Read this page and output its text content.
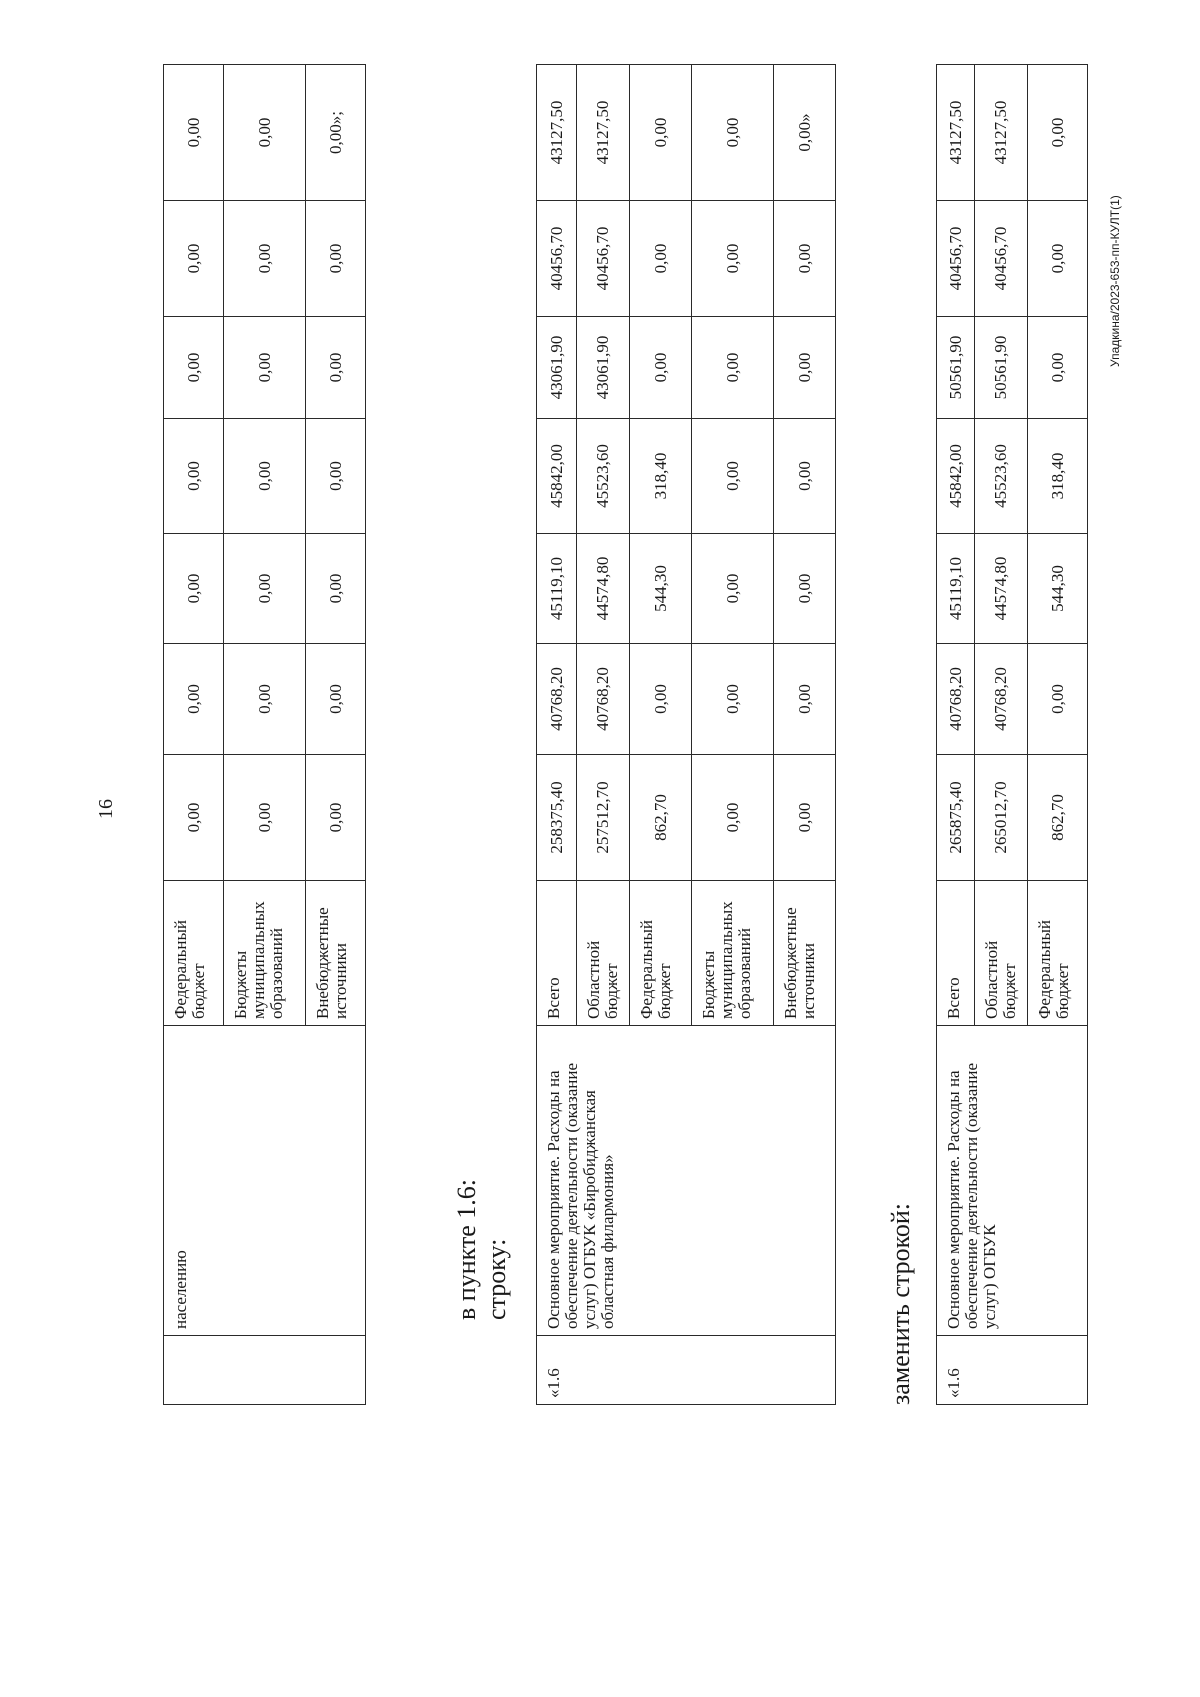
16
	населению	Федеральный бюджет	0,00	0,00	0,00	0,00	0,00	0,00	0,00
		Бюджеты муниципальных образований	0,00	0,00	0,00	0,00	0,00	0,00	0,00
		Внебюджетные источники	0,00	0,00	0,00	0,00	0,00	0,00	0,00»;
в пункте 1.6: строку:
«1.6	Основное мероприятие. Расходы на обеспечение деятельности (оказание услуг) ОГБУК «Биробиджанская областная филармония»	Всего	258375,40	40768,20	45119,10	45842,00	43061,90	40456,70	43127,50
		Областной бюджет	257512,70	40768,20	44574,80	45523,60	43061,90	40456,70	43127,50
		Федеральный бюджет	862,70	0,00	544,30	318,40	0,00	0,00	0,00
		Бюджеты муниципальных образований	0,00	0,00	0,00	0,00	0,00	0,00	0,00
		Внебюджетные источники	0,00	0,00	0,00	0,00	0,00	0,00	0,00»
заменить строкой: «1.6	Основное мероприятие. Расходы на обеспечение деятельности (оказание услуг) ОГБУК	Всего	265875,40	40768,20	45119,10	45842,00	50561,90	40456,70	43127,50
		Областной бюджет	265012,70	40768,20	44574,80	45523,60	50561,90	40456,70	43127,50
		Федеральный бюджет	862,70	0,00	544,30	318,40	0,00	0,00	0,00
Упадкина/2023-653-пп-КУЛТ(1)
